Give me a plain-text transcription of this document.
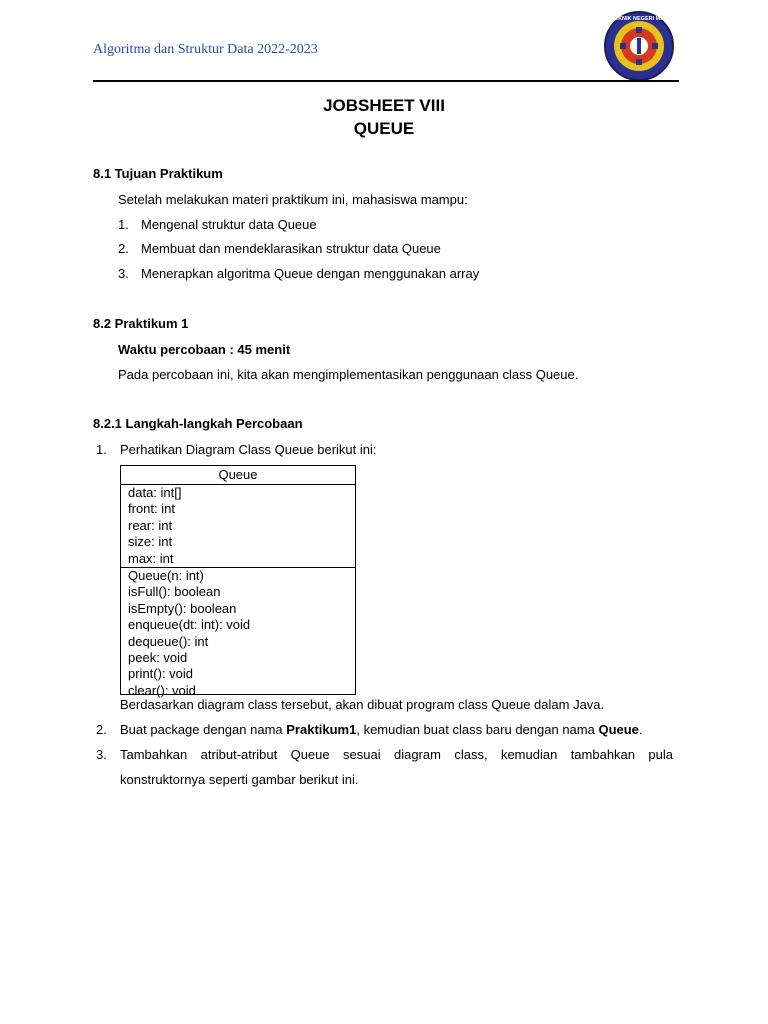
Algoritma dan Struktur Data 2022-2023
POLITEKNIK NEGERI MALANG
JOBSHEET VIII
QUEUE
8.1 Tujuan Praktikum
Setelah melakukan materi praktikum ini, mahasiswa mampu:
1. Mengenal struktur data Queue
2. Membuat dan mendeklarasikan struktur data Queue
3. Menerapkan algoritma Queue dengan menggunakan array
8.2 Praktikum 1
Waktu percobaan : 45 menit
Pada percobaan ini, kita akan mengimplementasikan penggunaan class Queue.
8.2.1 Langkah-langkah Percobaan
1. Perhatikan Diagram Class Queue berikut ini:
Queue
data: int[]
front: int
rear: int
size: int
max: int
Queue(n: int)
isFull(): boolean
isEmpty(): boolean
enqueue(dt: int): void
dequeue(): int
peek: void
print(): void
clear(): void
Berdasarkan diagram class tersebut, akan dibuat program class Queue dalam Java.
2. Buat package dengan nama Praktikum1, kemudian buat class baru dengan nama Queue.
3. Tambahkan atribut-atribut Queue sesuai diagram class, kemudian tambahkan pula
konstruktornya seperti gambar berikut ini.
